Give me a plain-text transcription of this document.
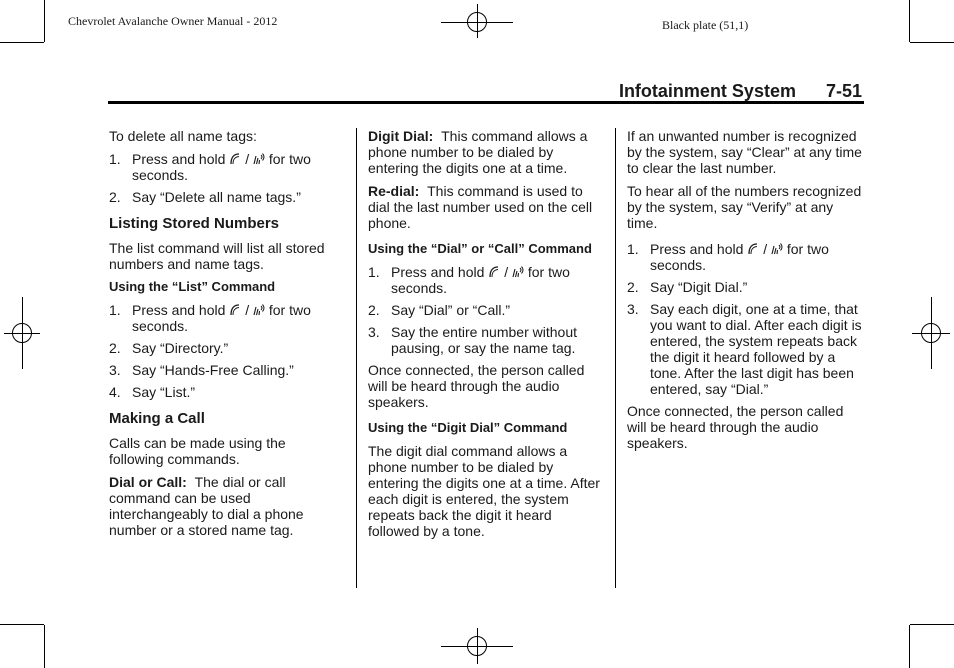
Chevrolet Avalanche Owner Manual - 2012	Black plate (51,1)
Infotainment System 7-51

To delete all name tags:

1. Press and hold / for two seconds.
2. Say “Delete all name tags.”
Listing Stored Numbers

The list command will list all stored numbers and name tags.

Using the “List” Command
1. Press and hold / for two seconds.
2. Say “Directory.”
3. Say “Hands-Free Calling.”
4. Say “List.”
Making a Call

Calls can be made using the following commands.

Dial or Call: The dial or call command can be used interchangeably to dial a phone number or a stored name tag.

Digit Dial: This command allows a phone number to be dialed by entering the digits one at a time.

Re-dial: This command is used to dial the last number used on the cell phone.

Using the “Dial” or “Call” Command
1. Press and hold / for two seconds.
2. Say “Dial” or “Call.”
3. Say the entire number without pausing, or say the name tag.

Once connected, the person called will be heard through the audio speakers.

Using the “Digit Dial” Command

The digit dial command allows a phone number to be dialed by entering the digits one at a time. After each digit is entered, the system repeats back the digit it heard followed by a tone.

If an unwanted number is recognized by the system, say “Clear” at any time to clear the last number.

To hear all of the numbers recognized by the system, say “Verify” at any time.

1. Press and hold / for two seconds.
2. Say “Digit Dial.”
3. Say each digit, one at a time, that you want to dial. After each digit is entered, the system repeats back the digit it heard followed by a tone. After the last digit has been entered, say “Dial.”

Once connected, the person called will be heard through the audio speakers.
